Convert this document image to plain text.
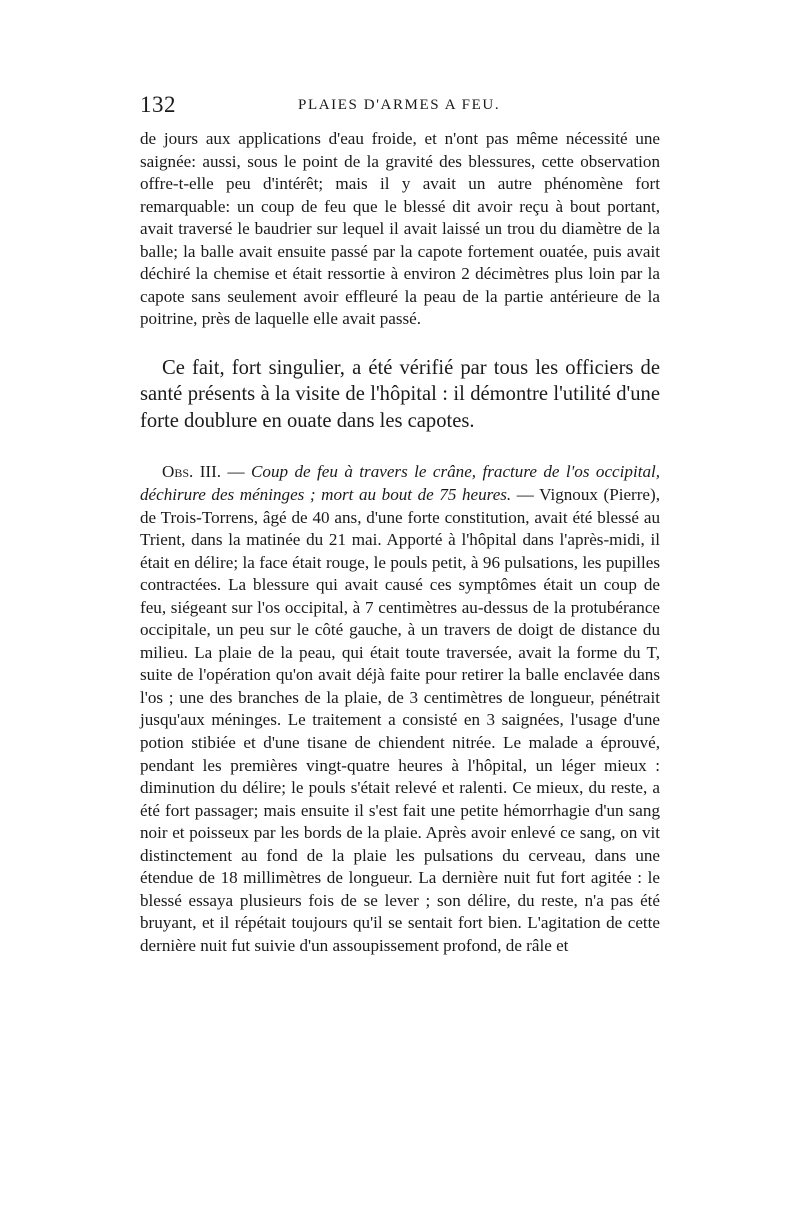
132	PLAIES D'ARMES A FEU.

de jours aux applications d'eau froide, et n'ont pas même nécessité une saignée: aussi, sous le point de la gravité des blessures, cette observation offre-t-elle peu d'intérêt; mais il y avait un autre phénomène fort remarquable: un coup de feu que le blessé dit avoir reçu à bout portant, avait traversé le baudrier sur lequel il avait laissé un trou du diamètre de la balle; la balle avait ensuite passé par la capote fortement ouatée, puis avait déchiré la chemise et était ressortie à environ 2 décimètres plus loin par la capote sans seulement avoir effleuré la peau de la partie antérieure de la poitrine, près de laquelle elle avait passé.

Ce fait, fort singulier, a été vérifié par tous les officiers de santé présents à la visite de l'hôpital : il démontre l'utilité d'une forte doublure en ouate dans les capotes.

Obs. III. — Coup de feu à travers le crâne, fracture de l'os occipital, déchirure des méninges ; mort au bout de 75 heures. — Vignoux (Pierre), de Trois-Torrens, âgé de 40 ans, d'une forte constitution, avait été blessé au Trient, dans la matinée du 21 mai. Apporté à l'hôpital dans l'après-midi, il était en délire; la face était rouge, le pouls petit, à 96 pulsations, les pupilles contractées. La blessure qui avait causé ces symptômes était un coup de feu, siégeant sur l'os occipital, à 7 centimètres au-dessus de la protubérance occipitale, un peu sur le côté gauche, à un travers de doigt de distance du milieu. La plaie de la peau, qui était toute traversée, avait la forme du T, suite de l'opération qu'on avait déjà faite pour retirer la balle enclavée dans l'os ; une des branches de la plaie, de 3 centimètres de longueur, pénétrait jusqu'aux méninges. Le traitement a consisté en 3 saignées, l'usage d'une potion stibiée et d'une tisane de chiendent nitrée. Le malade a éprouvé, pendant les premières vingt-quatre heures à l'hôpital, un léger mieux : diminution du délire; le pouls s'était relevé et ralenti. Ce mieux, du reste, a été fort passager; mais ensuite il s'est fait une petite hémorrhagie d'un sang noir et poisseux par les bords de la plaie. Après avoir enlevé ce sang, on vit distinctement au fond de la plaie les pulsations du cerveau, dans une étendue de 18 millimètres de longueur. La dernière nuit fut fort agitée : le blessé essaya plusieurs fois de se lever ; son délire, du reste, n'a pas été bruyant, et il répétait toujours qu'il se sentait fort bien. L'agitation de cette dernière nuit fut suivie d'un assoupissement profond, de râle et
